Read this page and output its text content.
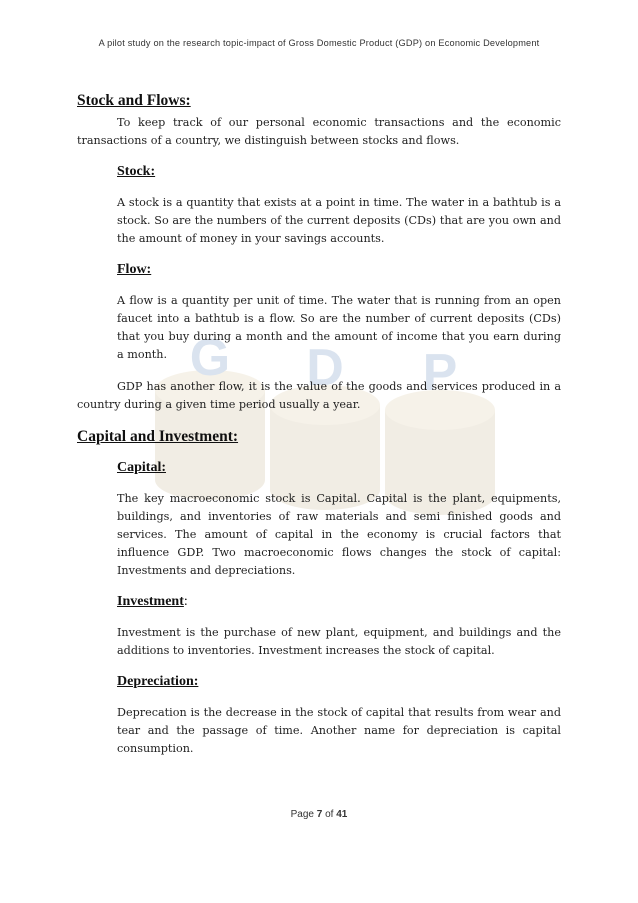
G D P
A pilot study on the research topic-impact of Gross Domestic Product (GDP) on Economic Development
Stock and Flows:

To keep track of our personal economic transactions and the economic transactions of a country, we distinguish between stocks and flows.

Stock:

A stock is a quantity that exists at a point in time. The water in a bathtub is a stock. So are the numbers of the current deposits (CDs) that are you own and the amount of money in your savings accounts.

Flow:

A flow is a quantity per unit of time. The water that is running from an open faucet into a bathtub is a flow. So are the number of current deposits (CDs) that you buy during a month and the amount of income that you earn during a month.

GDP has another flow, it is the value of the goods and services produced in a country during a given time period usually a year.

Capital and Investment:
Capital:

The key macroeconomic stock is Capital. Capital is the plant, equipments, buildings, and inventories of raw materials and semi finished goods and services. The amount of capital in the economy is crucial factors that influence GDP. Two macroeconomic flows changes the stock of capital: Investments and depreciations.

Investment:

Investment is the purchase of new plant, equipment, and buildings and the additions to inventories. Investment increases the stock of capital.

Depreciation:

Deprecation is the decrease in the stock of capital that results from wear and tear and the passage of time. Another name for depreciation is capital consumption.

Page 7 of 41
